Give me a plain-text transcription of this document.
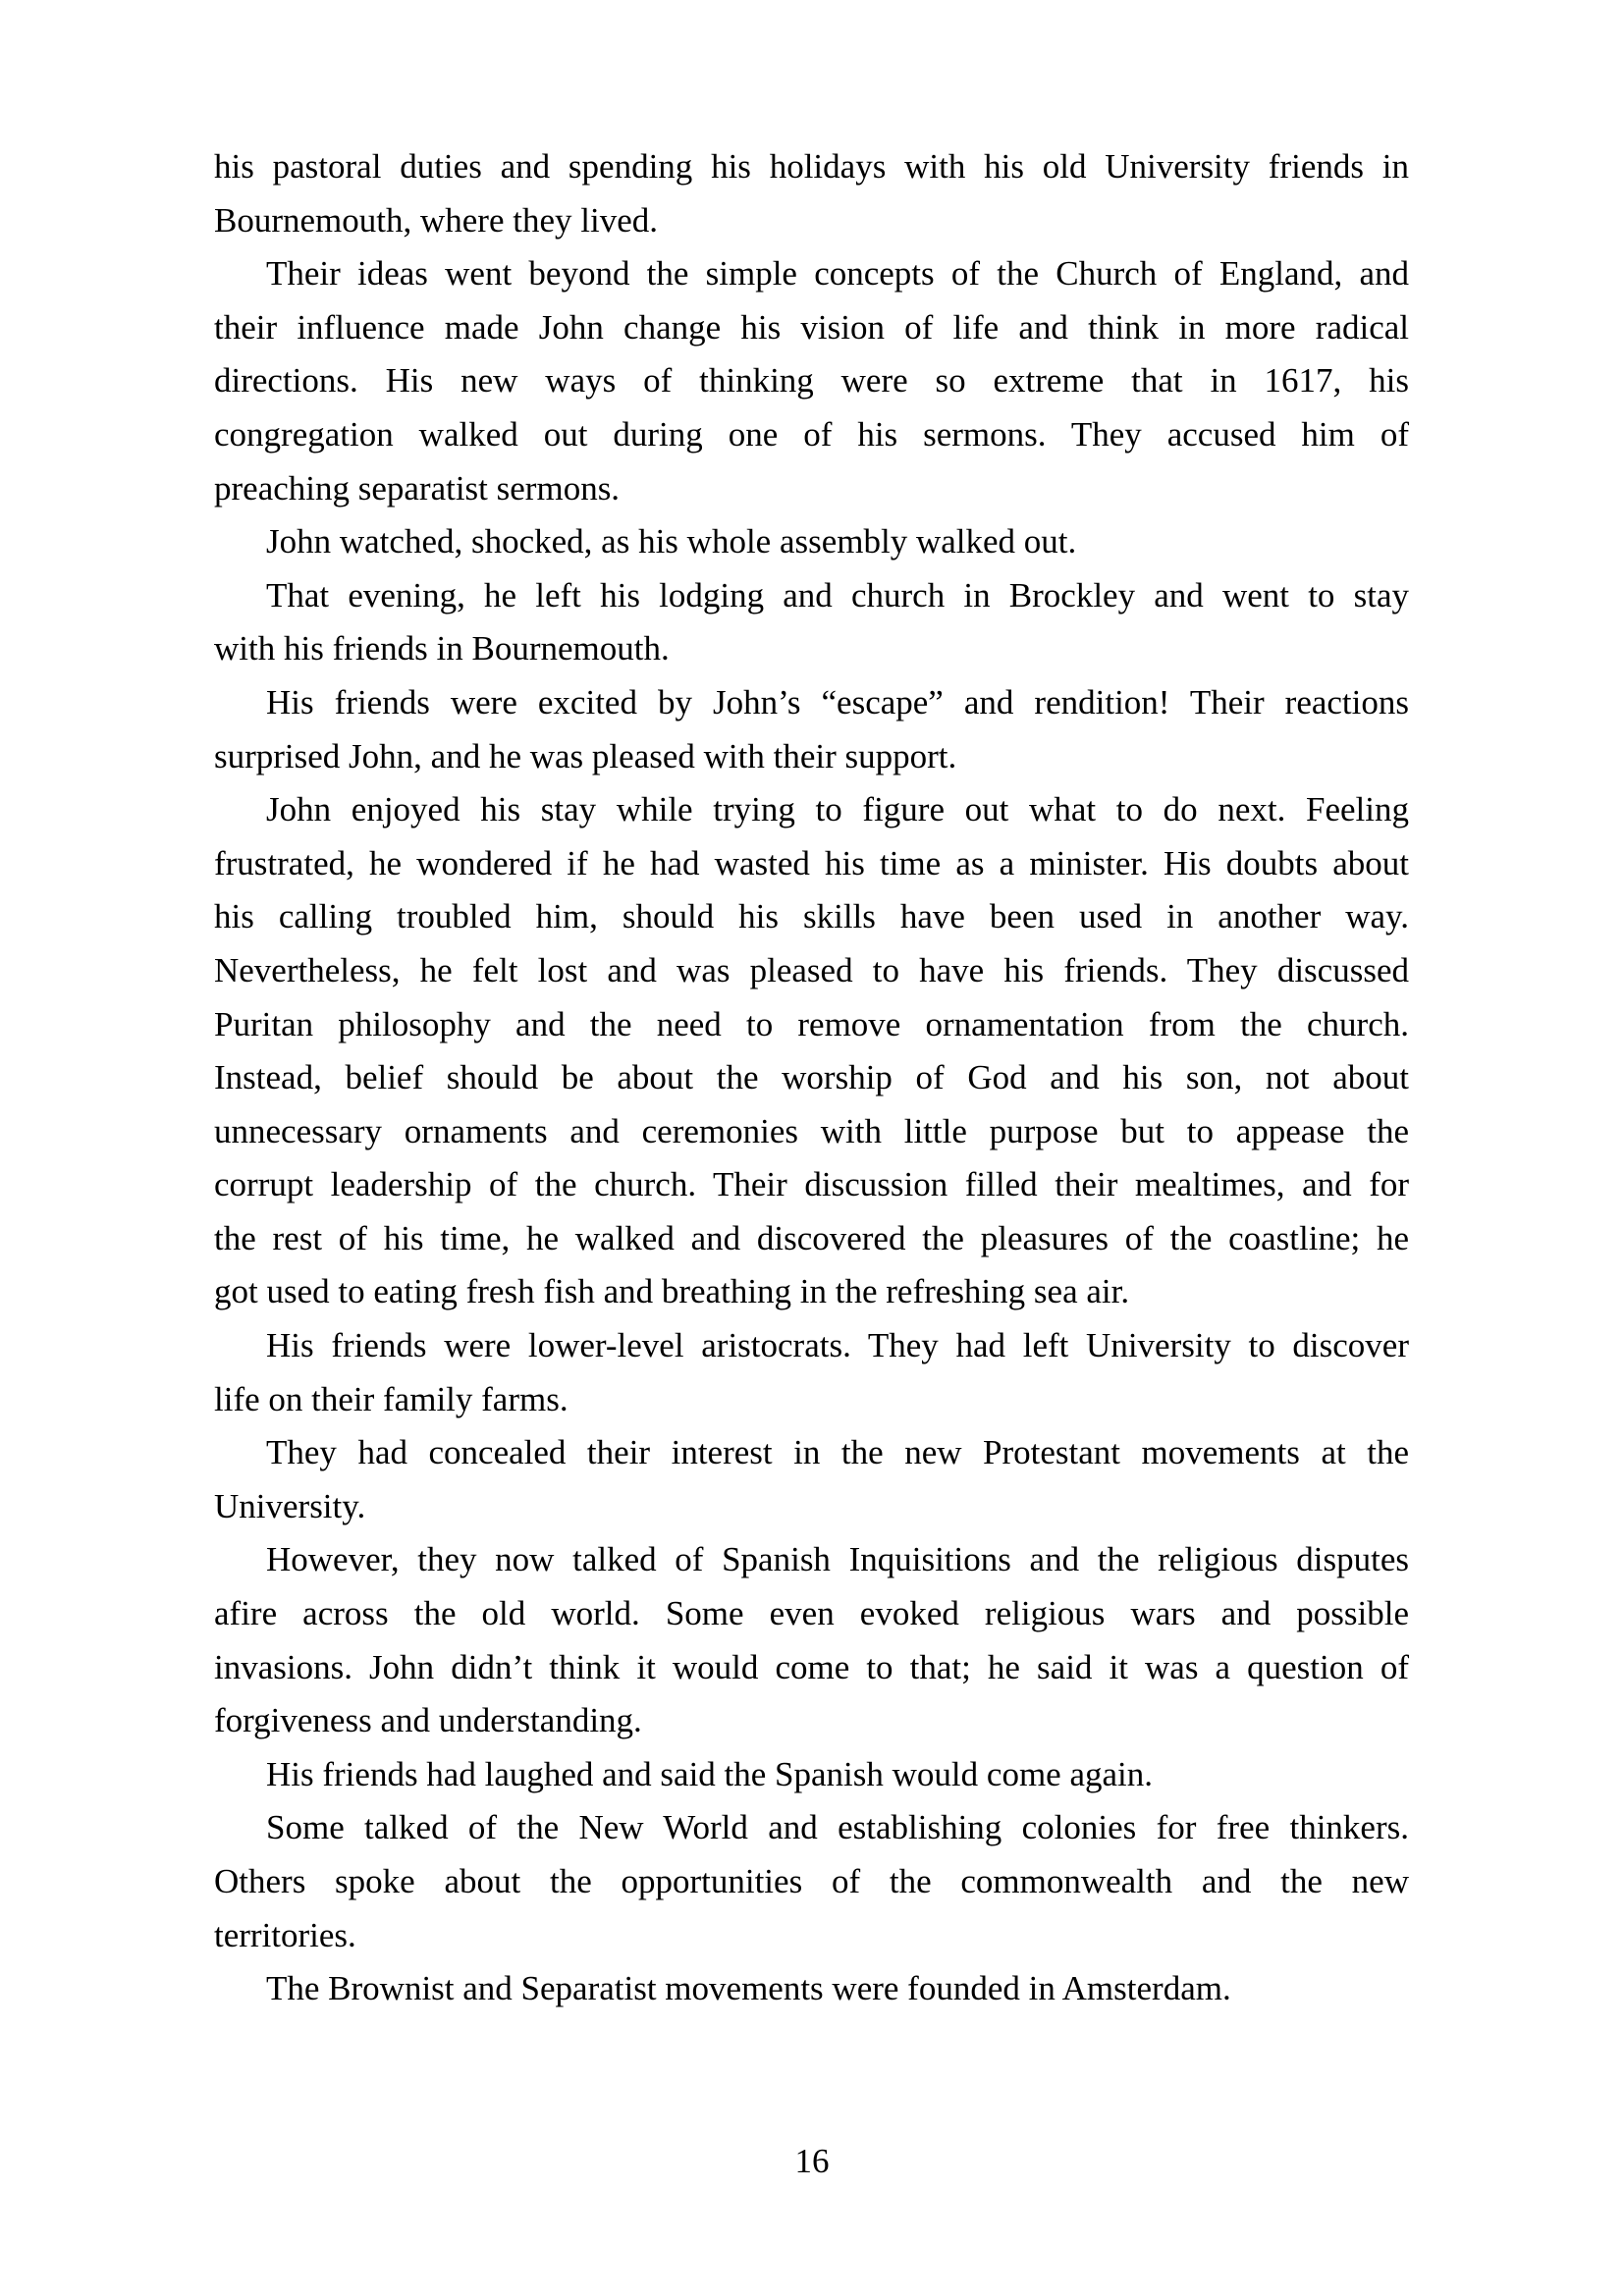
his pastoral duties and spending his holidays with his old University friends in
Bournemouth, where they lived.
Their ideas went beyond the simple concepts of the Church of England, and
their influence made John change his vision of life and think in more radical
directions. His new ways of thinking were so extreme that in 1617, his
congregation walked out during one of his sermons. They accused him of
preaching separatist sermons.
John watched, shocked, as his whole assembly walked out.
That evening, he left his lodging and church in Brockley and went to stay
with his friends in Bournemouth.
His friends were excited by John’s “escape” and rendition! Their reactions
surprised John, and he was pleased with their support.
John enjoyed his stay while trying to figure out what to do next. Feeling
frustrated, he wondered if he had wasted his time as a minister. His doubts about
his calling troubled him, should his skills have been used in another way.
Nevertheless, he felt lost and was pleased to have his friends. They discussed
Puritan philosophy and the need to remove ornamentation from the church.
Instead, belief should be about the worship of God and his son, not about
unnecessary ornaments and ceremonies with little purpose but to appease the
corrupt leadership of the church. Their discussion filled their mealtimes, and for
the rest of his time, he walked and discovered the pleasures of the coastline; he
got used to eating fresh fish and breathing in the refreshing sea air.
His friends were lower-level aristocrats. They had left University to discover
life on their family farms.
They had concealed their interest in the new Protestant movements at the
University.
However, they now talked of Spanish Inquisitions and the religious disputes
afire across the old world. Some even evoked religious wars and possible
invasions. John didn’t think it would come to that; he said it was a question of
forgiveness and understanding.
His friends had laughed and said the Spanish would come again.
Some talked of the New World and establishing colonies for free thinkers.
Others spoke about the opportunities of the commonwealth and the new
territories.
The Brownist and Separatist movements were founded in Amsterdam.
16
